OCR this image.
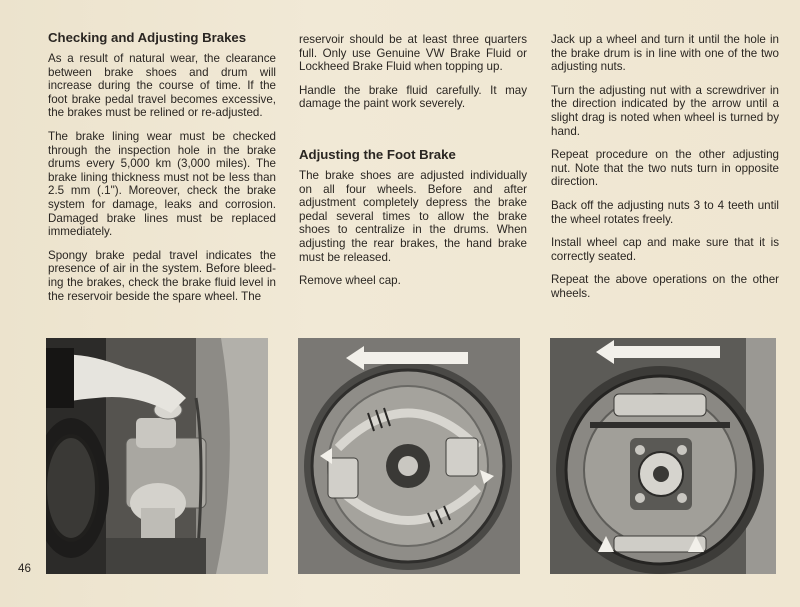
Checking and Adjusting Brakes

As a result of natural wear, the clearance between brake shoes and drum will increase during the course of time. If the foot brake pedal travel becomes excessive, the brakes must be relined or re-adjusted.

The brake lining wear must be checked through the inspection hole in the brake drums every 5,000 km (3,000 miles). The brake lining thickness must not be less than 2.5 mm (.1"). Moreover, check the brake system for damage, leaks and corrosion. Damaged brake lines must be replaced immediately.

Spongy brake pedal travel indicates the presence of air in the system. Before bleed-ing the brakes, check the brake fluid level in the reservoir beside the spare wheel. The

reservoir should be at least three quarters full. Only use Genuine VW Brake Fluid or Lockheed Brake Fluid when topping up.

Handle the brake fluid carefully. It may damage the paint work severely.

Adjusting the Foot Brake

The brake shoes are adjusted individually on all four wheels. Before and after adjustment completely depress the brake pedal several times to allow the brake shoes to centralize in the drums. When adjusting the rear brakes, the hand brake must be released.

Remove wheel cap.

Jack up a wheel and turn it until the hole in the brake drum is in line with one of the two adjusting nuts.

Turn the adjusting nut with a screwdriver in the direction indicated by the arrow until a slight drag is noted when wheel is turned by hand.

Repeat procedure on the other adjusting nut. Note that the two nuts turn in opposite direction.

Back off the adjusting nuts 3 to 4 teeth until the wheel rotates freely.

Install wheel cap and make sure that it is correctly seated.

Repeat the above operations on the other wheels.

46
